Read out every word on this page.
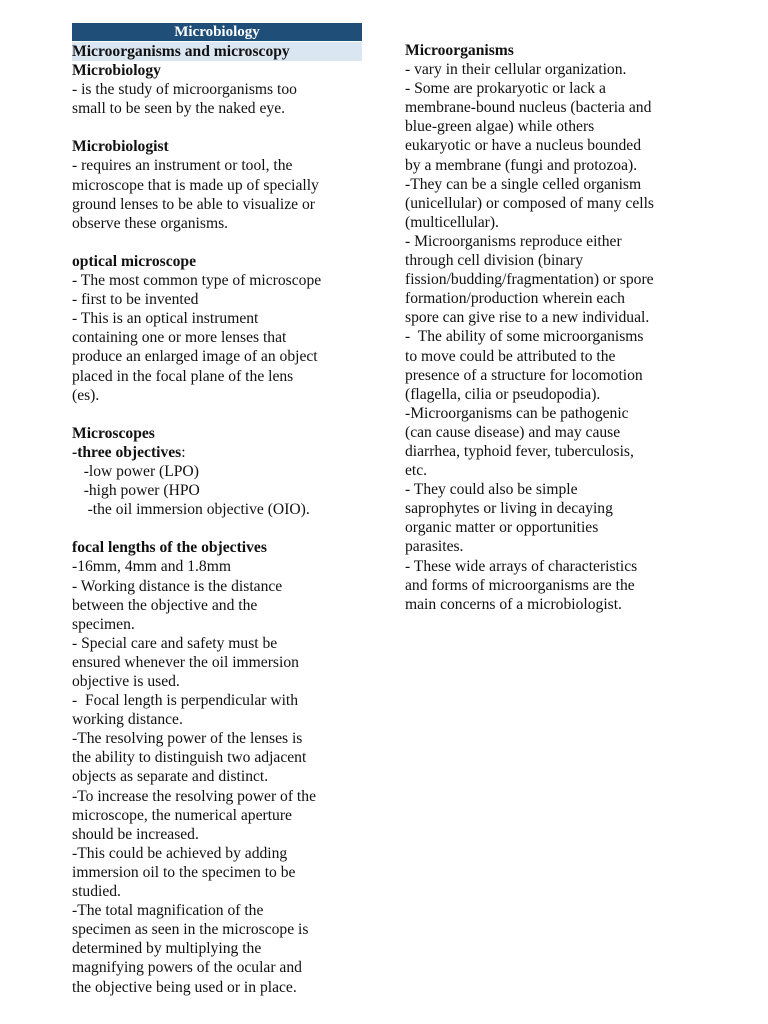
Microbiology
Microorganisms and microscopy
Microbiology
- is the study of microorganisms too
small to be seen by the naked eye.
Microbiologist
- requires an instrument or tool, the
microscope that is made up of specially
ground lenses to be able to visualize or
observe these organisms.
optical microscope
- The most common type of microscope
- first to be invented
- This is an optical instrument
containing one or more lenses that
produce an enlarged image of an object
placed in the focal plane of the lens
(es).
Microscopes
-three objectives:
-low power (LPO)
-high power (HPO
-the oil immersion objective (OIO).
focal lengths of the objectives
-16mm, 4mm and 1.8mm
- Working distance is the distance
between the objective and the
specimen.
- Special care and safety must be
ensured whenever the oil immersion
objective is used.
-  Focal length is perpendicular with
working distance.
-The resolving power of the lenses is
the ability to distinguish two adjacent
objects as separate and distinct.
-To increase the resolving power of the
microscope, the numerical aperture
should be increased.
-This could be achieved by adding
immersion oil to the specimen to be
studied.
-The total magnification of the
specimen as seen in the microscope is
determined by multiplying the
magnifying powers of the ocular and
the objective being used or in place.
Microorganisms
- vary in their cellular organization.
- Some are prokaryotic or lack a
membrane-bound nucleus (bacteria and
blue-green algae) while others
eukaryotic or have a nucleus bounded
by a membrane (fungi and protozoa).
-They can be a single celled organism
(unicellular) or composed of many cells
(multicellular).
- Microorganisms reproduce either
through cell division (binary
fission/budding/fragmentation) or spore
formation/production wherein each
spore can give rise to a new individual.
-  The ability of some microorganisms
to move could be attributed to the
presence of a structure for locomotion
(flagella, cilia or pseudopodia).
-Microorganisms can be pathogenic
(can cause disease) and may cause
diarrhea, typhoid fever, tuberculosis,
etc.
- They could also be simple
saprophytes or living in decaying
organic matter or opportunities
parasites.
- These wide arrays of characteristics
and forms of microorganisms are the
main concerns of a microbiologist.
